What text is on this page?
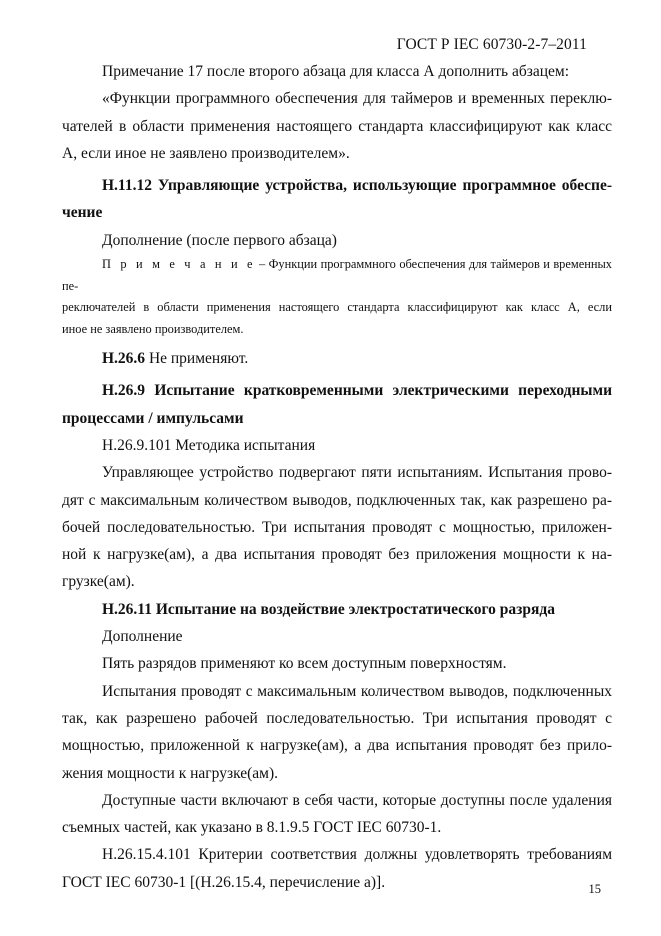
ГОСТ Р IEC 60730-2-7–2011

Примечание 17 после второго абзаца для класса А дополнить абзацем:

«Функции программного обеспечения для таймеров и временных переклю-

чателей в области применения настоящего стандарта классифицируют как класс

А, если иное не заявлено производителем».

Н.11.12 Управляющие устройства, использующие программное обеспе-

чение

Дополнение (после первого абзаца)

П р и м е ч а н и е – Функции программного обеспечения для таймеров и временных пе-
реключателей в области применения настоящего стандарта классифицируют как класс А, если
иное не заявлено производителем.

Н.26.6 Не применяют.

Н.26.9 Испытание кратковременными электрическими переходными

процессами / импульсами

Н.26.9.101 Методика испытания

Управляющее устройство подвергают пяти испытаниям. Испытания прово-

дят с максимальным количеством выводов, подключенных так, как разрешено ра-

бочей последовательностью. Три испытания проводят с мощностью, приложен-

ной к нагрузке(ам), а два испытания проводят без приложения мощности к на-

грузке(ам).

Н.26.11 Испытание на воздействие электростатического разряда

Дополнение

Пять разрядов применяют ко всем доступным поверхностям.

Испытания проводят с максимальным количеством выводов, подключенных

так, как разрешено рабочей последовательностью. Три испытания проводят с

мощностью, приложенной к нагрузке(ам), а два испытания проводят без прило-

жения мощности к нагрузке(ам).

Доступные части включают в себя части, которые доступны после удаления

съемных частей, как указано в 8.1.9.5 ГОСТ IEC 60730-1.

Н.26.15.4.101 Критерии соответствия должны удовлетворять требованиям

ГОСТ IEC 60730-1 [(Н.26.15.4, перечисление а)].	15
